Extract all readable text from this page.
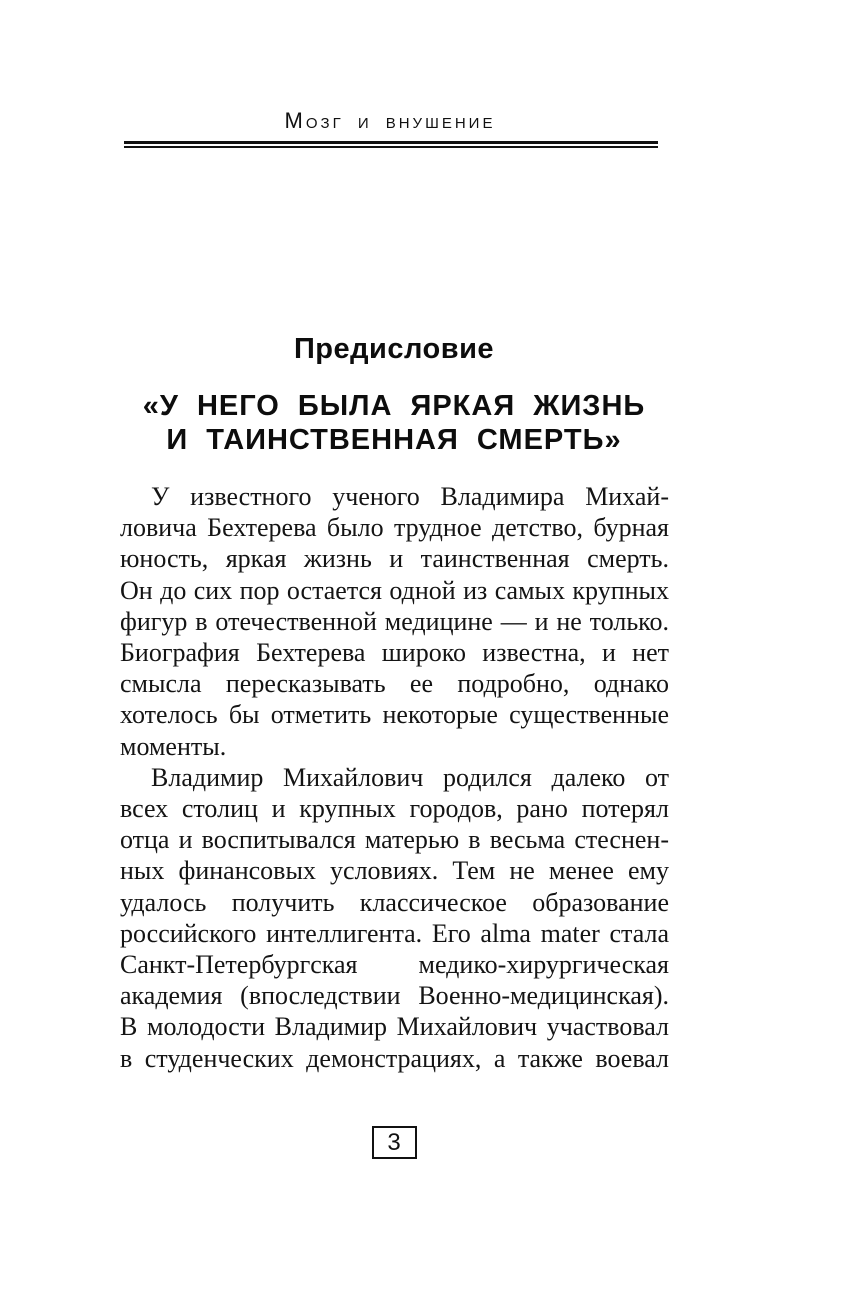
Мозг и внушение
Предисловие
«У НЕГО БЫЛА ЯРКАЯ ЖИЗНЬ
И ТАИНСТВЕННАЯ СМЕРТЬ»
У известного ученого Владимира Михай-
ловича Бехтерева было трудное детство, бурная
юность, яркая жизнь и таинственная смерть.
Он до сих пор остается одной из самых крупных
фигур в отечественной медицине — и не только.
Биография Бехтерева широко известна, и нет
смысла пересказывать ее подробно, однако
хотелось бы отметить некоторые существенные
моменты.
Владимир Михайлович родился далеко от
всех столиц и крупных городов, рано потерял
отца и воспитывался матерью в весьма стеснен-
ных финансовых условиях. Тем не менее ему
удалось получить классическое образование
российского интеллигента. Его alma mater стала
Санкт-Петербургская медико-хирургическая
академия (впоследствии Военно-медицинская).
В молодости Владимир Михайлович участвовал
в студенческих демонстрациях, а также воевал
3
